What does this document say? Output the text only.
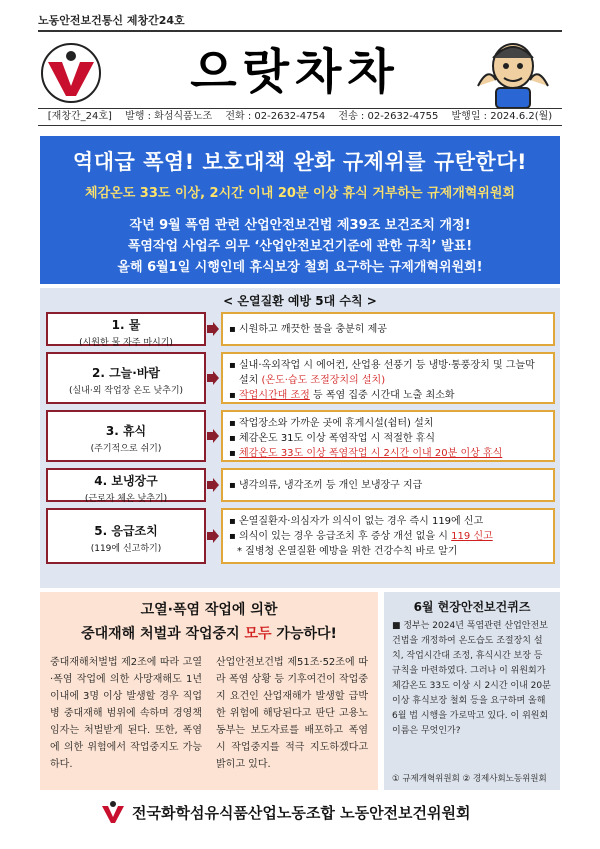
노동안전보건통신 제창간24호
으랏차차
[재창간_24호] 발행 : 화섬식품노조 전화 : 02-2632-4754 전송 : 02-2632-4755 발행일 : 2024.6.2(월)
역대급 폭염! 보호대책 완화 규제위를 규탄한다!
체감온도 33도 이상, 2시간 이내 20분 이상 휴식 거부하는 규제개혁위원회
작년 9월 폭염 관련 산업안전보건법 제39조 보건조치 개정!
폭염작업 사업주 의무 ‘산업안전보건기준에 관한 규칙’ 발표!
올해 6월1일 시행인데 휴식보장 철회 요구하는 규제개혁위원회!
< 온열질환 예방 5대 수칙 >
1. 물
(시원한 물 자주 마시기)
▪ 시원하고 깨끗한 물을 충분히 제공
2. 그늘·바람
(실내·외 작업장 온도 낮추기)
▪ 실내·옥외작업 시 에어컨, 산업용 선풍기 등 냉방·통풍장치 및 그늘막 설치 (온도·습도 조절장치의 설치)
▪ 작업시간대 조정 등 폭염 집중 시간대 노출 최소화
3. 휴식
(주기적으로 쉬기)
▪ 작업장소와 가까운 곳에 휴게시설(쉼터) 설치
▪ 체감온도 31도 이상 폭염작업 시 적절한 휴식
▪ 체감온도 33도 이상 폭염작업 시 2시간 이내 20분 이상 휴식
4. 보냉장구
(근로자 체온 낮추기)
▪ 냉각의류, 냉각조끼 등 개인 보냉장구 지급
5. 응급조치
(119에 신고하기)
▪ 온열질환자·의심자가 의식이 없는 경우 즉시 119에 신고
▪ 의식이 있는 경우 응급조치 후 증상 개선 없을 시 119 신고
* 질병청 온열질환 예방을 위한 건강수칙 바로 알기
고열·폭염 작업에 의한
중대재해 처벌과 작업중지 모두 가능하다!
중대재해처벌법 제2조에 따라 고열·폭염 작업에 의한 사망재해도 1년 이내에 3명 이상 발생할 경우 직업병 중대재해 범위에 속하며 경영책임자는 처벌받게 된다. 또한, 폭염에 의한 위험에서 작업중지도 가능하다.
산업안전보건법 제51조·52조에 따라 폭염 상황 등 기후여건이 작업중지 요건인 산업재해가 발생할 급박한 위험에 해당된다고 판단 고용노동부는 보도자료를 배포하고 폭염 시 작업중지를 적극 지도하겠다고 밝히고 있다.
6월 현장안전보건퀴즈
■ 정부는 2024년 폭염관련 산업안전보건법을 개정하여 온도습도 조절장치 설치, 작업시간대 조정, 휴식시간 보장 등 규칙을 마련하였다. 그러나 이 위원회가 체감온도 33도 이상 시 2시간 이내 20분 이상 휴식보장 철회 등을 요구하며 올해 6월 법 시행을 가로막고 있다. 이 위원회 이름은 무엇인가?
① 규제개혁위원회 ② 경제사회노동위원회
전국화학섬유식품산업노동조합 노동안전보건위원회
